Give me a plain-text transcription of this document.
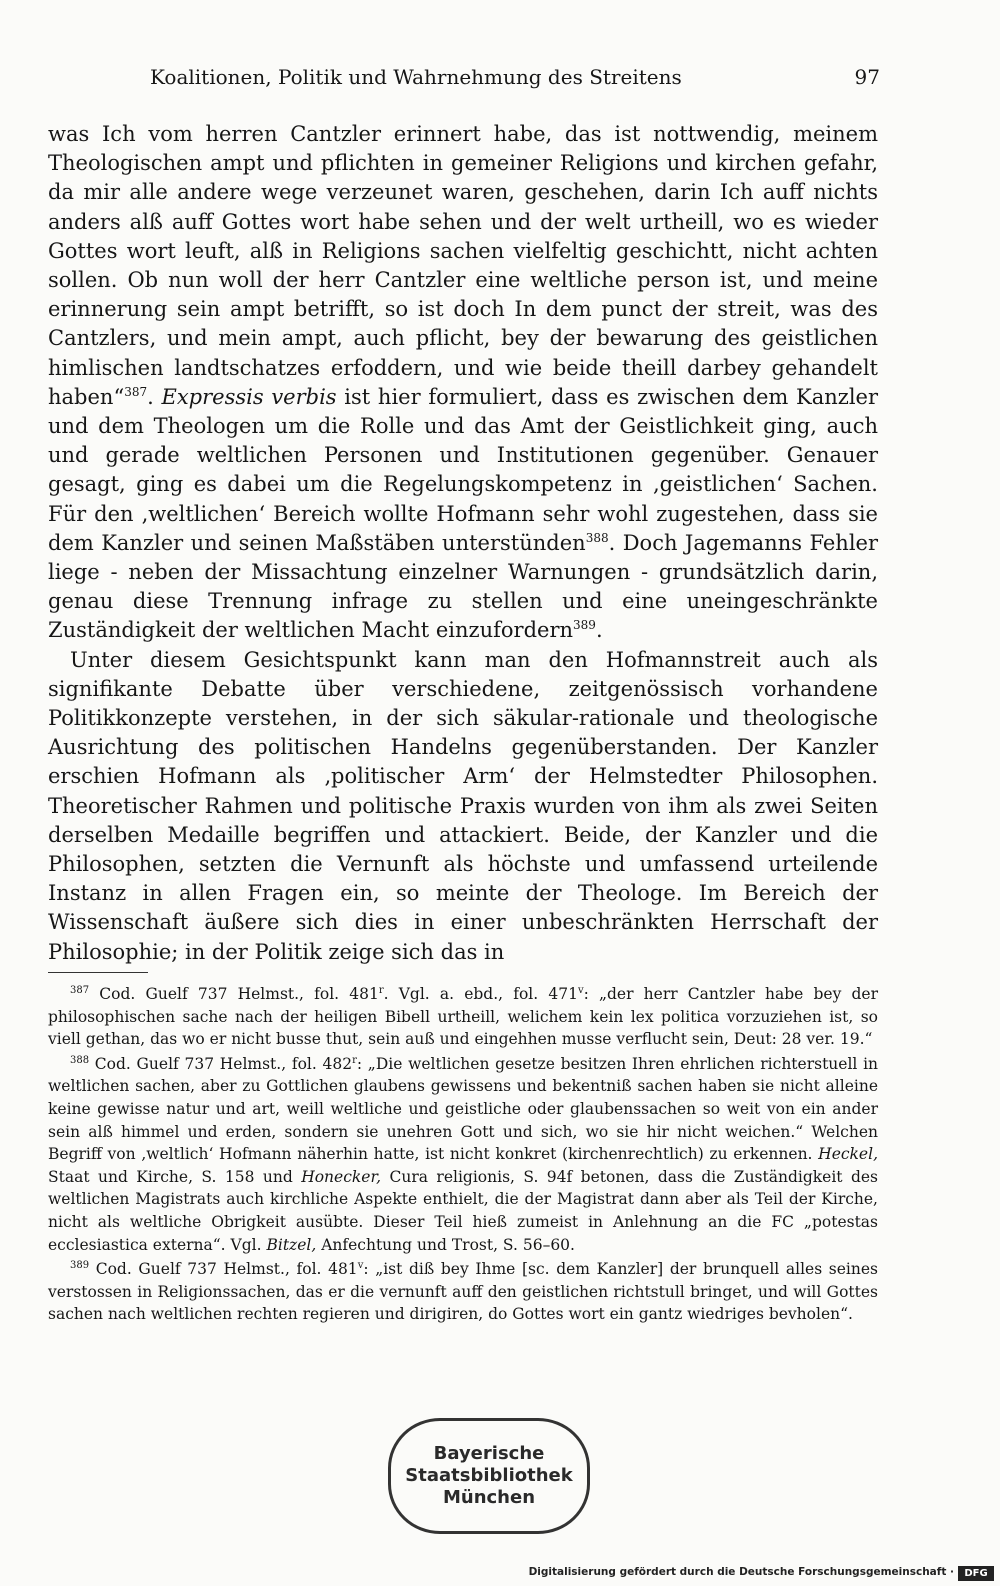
Koalitionen, Politik und Wahrnehmung des Streitens	97

was Ich vom herren Cantzler erinnert habe, das ist nottwendig, meinem Theologischen ampt und pflichten in gemeiner Religions und kirchen gefahr, da mir alle andere wege verzeunet waren, geschehen, darin Ich auff nichts anders alß auff Gottes wort habe sehen und der welt urtheill, wo es wieder Gottes wort leuft, alß in Religions sachen vielfeltig geschichtt, nicht achten sollen. Ob nun woll der herr Cantzler eine weltliche person ist, und meine erinnerung sein ampt betrifft, so ist doch In dem punct der streit, was des Cantzlers, und mein ampt, auch pflicht, bey der bewarung des geistlichen himlischen landtschatzes erfoddern, und wie beide theill darbey gehandelt haben“$^{387}$. Expressis verbis ist hier formuliert, dass es zwischen dem Kanzler und dem Theologen um die Rolle und das Amt der Geistlichkeit ging, auch und gerade weltlichen Personen und Institutionen gegenüber. Genauer gesagt, ging es dabei um die Regelungskompetenz in ‚geistlichen‘ Sachen. Für den ‚weltlichen‘ Bereich wollte Hofmann sehr wohl zugestehen, dass sie dem Kanzler und seinen Maßstäben unterstünden$^{388}$. Doch Jagemanns Fehler liege - neben der Missachtung einzelner Warnungen - grundsätzlich darin, genau diese Trennung infrage zu stellen und eine uneingeschränkte Zuständigkeit der weltlichen Macht einzufordern$^{389}$.

Unter diesem Gesichtspunkt kann man den Hofmannstreit auch als signifikante Debatte über verschiedene, zeitgenössisch vorhandene Politikkonzepte verstehen, in der sich säkular-rationale und theologische Ausrichtung des politischen Handelns gegenüberstanden. Der Kanzler erschien Hofmann als ‚politischer Arm‘ der Helmstedter Philosophen. Theoretischer Rahmen und politische Praxis wurden von ihm als zwei Seiten derselben Medaille begriffen und attackiert. Beide, der Kanzler und die Philosophen, setzten die Vernunft als höchste und umfassend urteilende Instanz in allen Fragen ein, so meinte der Theologe. Im Bereich der Wissenschaft äußere sich dies in einer unbeschränkten Herrschaft der Philosophie; in der Politik zeige sich das in

$^{387}$ Cod. Guelf 737 Helmst., fol. 481$^r$. Vgl. a. ebd., fol. 471$^v$: „der herr Cantzler habe bey der philosophischen sache nach der heiligen Bibell urtheill, welichem kein lex politica vorzuziehen ist, so viell gethan, das wo er nicht busse thut, sein auß und eingehhen musse verflucht sein, Deut: 28 ver. 19.“

$^{388}$ Cod. Guelf 737 Helmst., fol. 482$^r$: „Die weltlichen gesetze besitzen Ihren ehrlichen richterstuell in weltlichen sachen, aber zu Gottlichen glaubens gewissens und bekentniß sachen haben sie nicht alleine keine gewisse natur und art, weill weltliche und geistliche oder glaubenssachen so weit von ein ander sein alß himmel und erden, sondern sie unehren Gott und sich, wo sie hir nicht weichen.“ Welchen Begriff von ‚weltlich‘ Hofmann näherhin hatte, ist nicht konkret (kirchenrechtlich) zu erkennen. Heckel, Staat und Kirche, S. 158 und Honecker, Cura religionis, S. 94f betonen, dass die Zuständigkeit des weltlichen Magistrats auch kirchliche Aspekte enthielt, die der Magistrat dann aber als Teil der Kirche, nicht als weltliche Obrigkeit ausübte. Dieser Teil hieß zumeist in Anlehnung an die FC „potestas ecclesiastica externa“. Vgl. Bitzel, Anfechtung und Trost, S. 56–60.

$^{389}$ Cod. Guelf 737 Helmst., fol. 481$^v$: „ist diß bey Ihme [sc. dem Kanzler] der brunquell alles seines verstossen in Religionssachen, das er die vernunft auff den geistlichen richtstull bringet, und will Gottes sachen nach weltlichen rechten regieren und dirigiren, do Gottes wort ein gantz wiedriges bevholen“.

Bayerische
Staatsbibliothek
München
Digitalisierung gefördert durch die Deutsche Forschungsgemeinschaft ·	DFG
